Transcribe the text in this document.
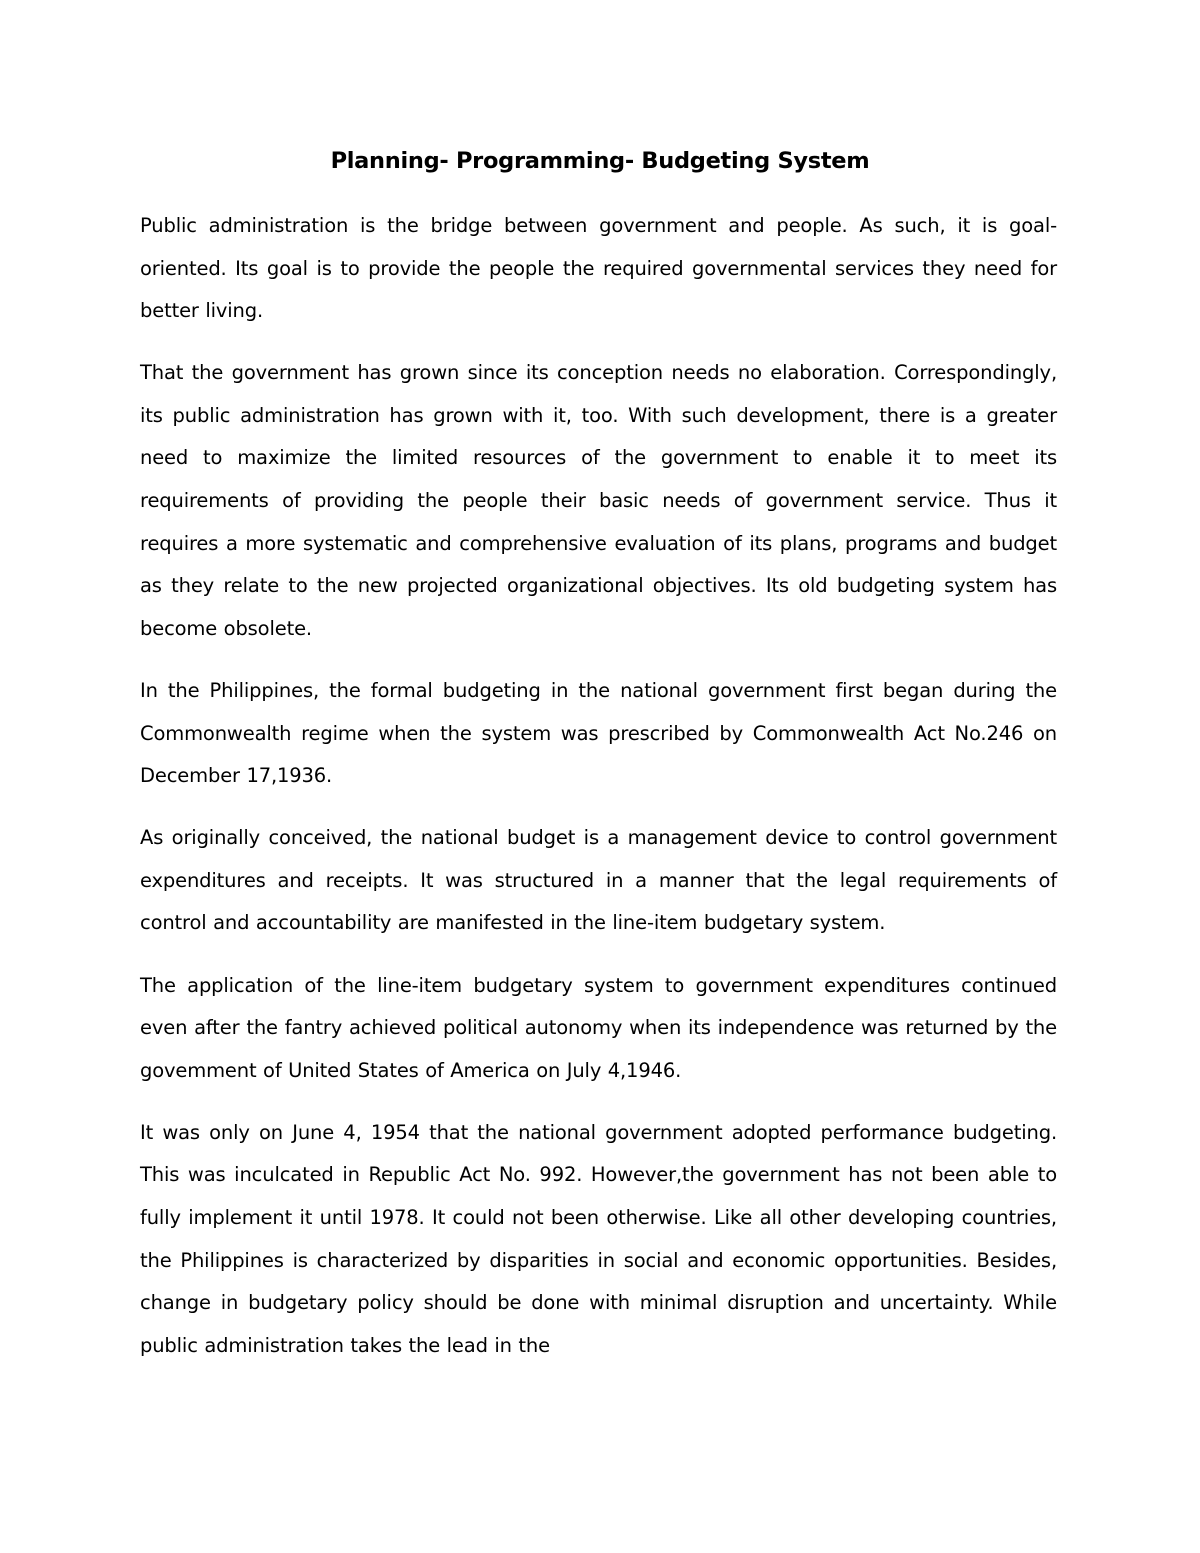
Planning- Programming- Budgeting System

Public administration is the bridge between government and people. As such, it is goal-oriented. Its goal is to provide the people the required governmental services they need for better living.

That the government has grown since its conception needs no elaboration. Correspondingly, its public administration has grown with it, too. With such development, there is a greater need to maximize the limited resources of the government to enable it to meet its requirements of providing the people their basic needs of government service. Thus it requires a more systematic and comprehensive evaluation of its plans, programs and budget as they relate to the new projected organizational objectives. Its old budgeting system has become obsolete.

In the Philippines, the formal budgeting in the national government first began during the Commonwealth regime when the system was prescribed by Commonwealth Act No.246 on December 17,1936.

As originally conceived, the national budget is a management device to control government expenditures and receipts. It was structured in a manner that the legal requirements of control and accountability are manifested in the line-item budgetary system.

The application of the line-item budgetary system to government expenditures continued even after the fantry achieved political autonomy when its independence was returned by the govemment of United States of America on July 4,1946.

It was only on June 4, 1954 that the national government adopted performance budgeting. This was inculcated in Republic Act No. 992. However,the government has not been able to fully implement it until 1978. It could not been otherwise. Like all other developing countries, the Philippines is characterized by disparities in social and economic opportunities. Besides, change in budgetary policy should be done with minimal disruption and uncertainty. While public administration takes the lead in the
